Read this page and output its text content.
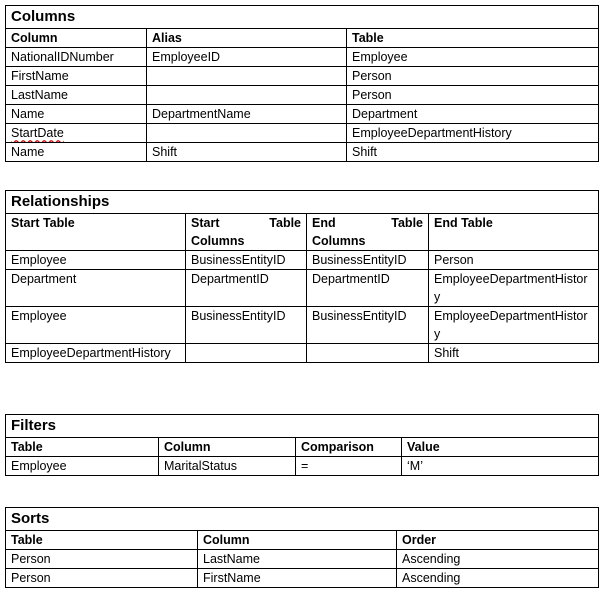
Columns		
Column	Alias	Table
NationalIDNumber	EmployeeID	Employee
FirstName		Person
LastName		Person
Name	DepartmentName	Department
StartDate		EmployeeDepartmentHistory
Name	Shift	Shift
Relationships			
Start Table	Start Table Columns	End Table Columns	End Table
Employee	BusinessEntityID	BusinessEntityID	Person
Department	DepartmentID	DepartmentID	EmployeeDepartmentHistory
Employee	BusinessEntityID	BusinessEntityID	EmployeeDepartmentHistory
EmployeeDepartmentHistory			Shift
Filters			
Table	Column	Comparison	Value
Employee	MaritalStatus	=	‘M’
Sorts		
Table	Column	Order
Person	LastName	Ascending
Person	FirstName	Ascending
